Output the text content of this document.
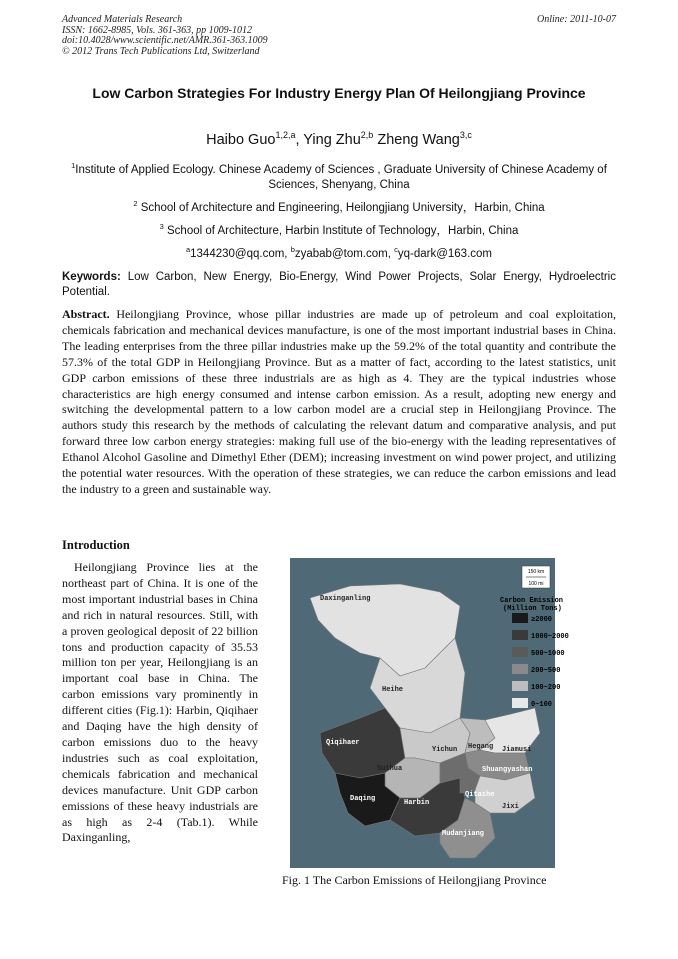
Advanced Materials Research
ISSN: 1662-8985, Vols. 361-363, pp 1009-1012
doi:10.4028/www.scientific.net/AMR.361-363.1009
© 2012 Trans Tech Publications Ltd, Switzerland
Online: 2011-10-07
Low Carbon Strategies For Industry Energy Plan Of Heilongjiang Province
Haibo Guo$^{1,2,a}$, Ying Zhu$^{2,b}$ Zheng Wang$^{3,c}$
$^1$Institute of Applied Ecology. Chinese Academy of Sciences , Graduate University of Chinese Academy of Sciences, Shenyang, China
$^2$ School of Architecture and Engineering, Heilongjiang University，Harbin, China
$^3$ School of Architecture, Harbin Institute of Technology，Harbin, China
$^a$1344230@qq.com, $^b$zyabab@tom.com, $^c$yq-dark@163.com
Keywords: Low Carbon, New Energy, Bio-Energy, Wind Power Projects, Solar Energy, Hydroelectric Potential.
Abstract. Heilongjiang Province, whose pillar industries are made up of petroleum and coal exploitation, chemicals fabrication and mechanical devices manufacture, is one of the most important industrial bases in China. The leading enterprises from the three pillar industries make up the 59.2% of the total quantity and contribute the 57.3% of the total GDP in Heilongjiang Province. But as a matter of fact, according to the latest statistics, unit GDP carbon emissions of these three industrials are as high as 4. They are the typical industries whose characteristics are high energy consumed and intense carbon emission. As a result, adopting new energy and switching the developmental pattern to a low carbon model are a crucial step in Heilongjiang Province. The authors study this research by the methods of calculating the relevant datum and comparative analysis, and put forward three low carbon energy strategies: making full use of the bio-energy with the leading representatives of Ethanol Alcohol Gasoline and Dimethyl Ether (DEM); increasing investment on wind power project, and utilizing the potential water resources. With the operation of these strategies, we can reduce the carbon emissions and lead the industry to a green and sustainable way.
Introduction
Heilongjiang Province lies at the northeast part of China. It is one of the most important industrial bases in China and rich in natural resources. Still, with a proven geological deposit of 22 billion tons and production capacity of 35.53 million ton per year, Heilongjiang is an important coal base in China. The carbon emissions vary prominently in different cities (Fig.1): Harbin, Qiqihaer and Daqing have the high density of carbon emissions duo to the heavy industries such as coal exploitation, chemicals fabrication and mechanical devices manufacture. Unit GDP carbon emissions of these heavy industrials are as high as 2-4 (Tab.1). While Daxinganling,
150 km
100 mi
Carbon Emission
(Million Tons)
≥2000
1000~2000
500~1000
200~500
100~200
0~100
Daxinganling
Heihe
Qiqihaer
Yichun Hegang Jiamusi
Suihua	Shuangyashan
Daqing	Harbin
Qitaihe
Jixi
Mudanjiang
Fig. 1 The Carbon Emissions of Heilongjiang Province
